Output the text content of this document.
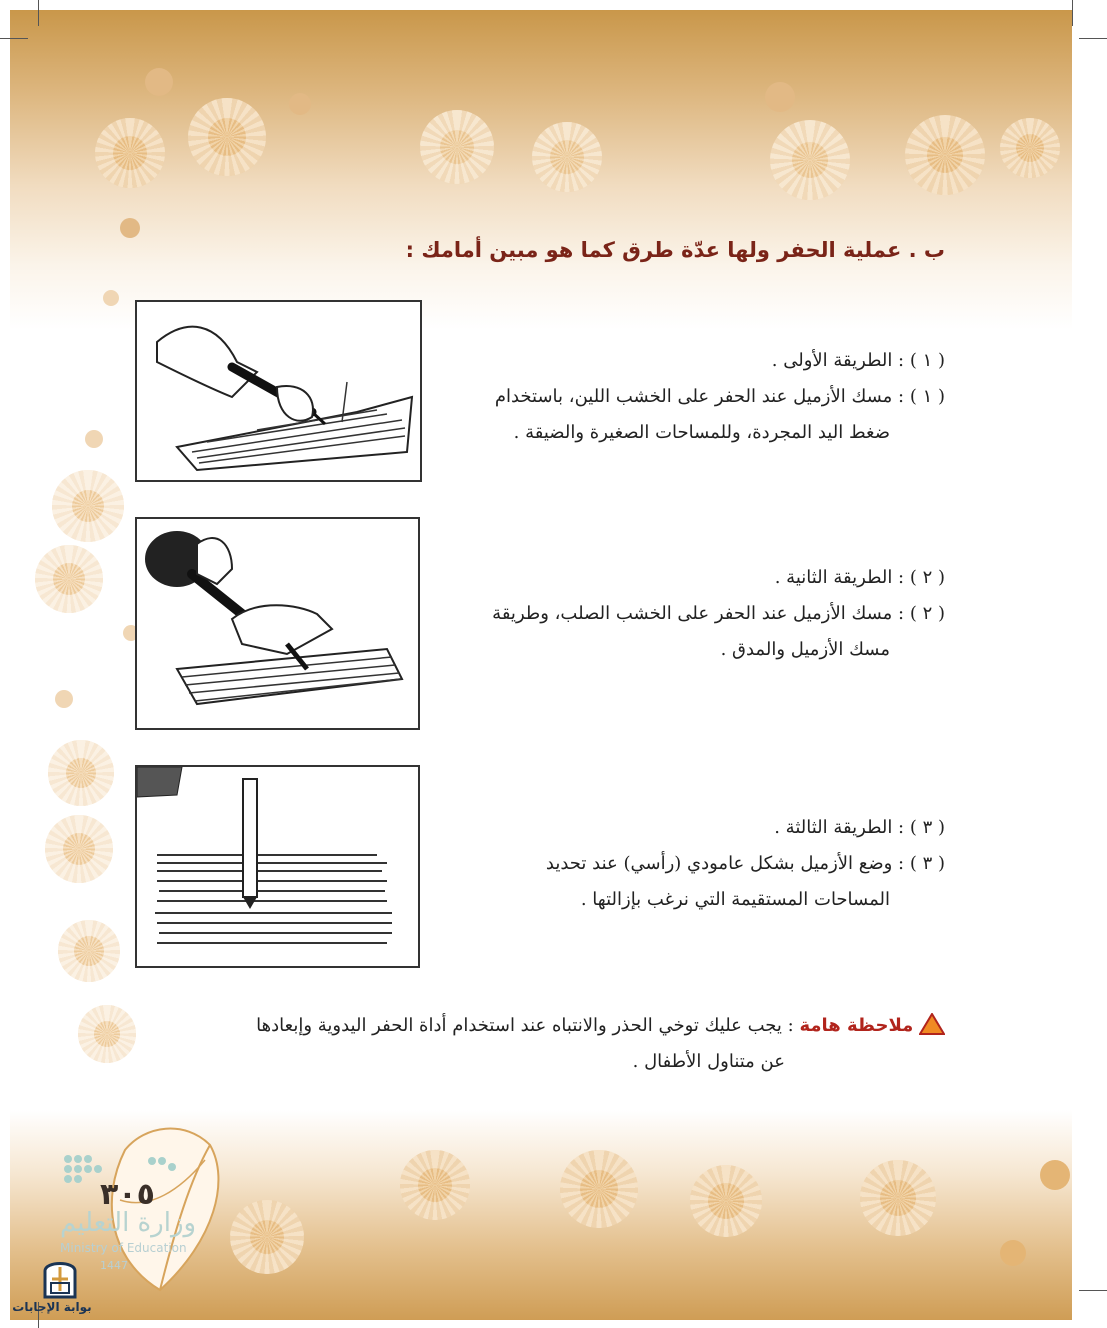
ب . عملية الحفر ولها عدّة طرق كما هو مبين أمامك :

( ١ ) : الطريقة الأولى .

( ١ ) : مسك الأزميل عند الحفر على الخشب اللين، باستخدام

ضغط اليد المجردة، وللمساحات الصغيرة والضيقة .

( ٢ ) : الطريقة الثانية .

( ٢ ) : مسك الأزميل عند الحفر على الخشب الصلب، وطريقة

مسك الأزميل والمدق .

( ٣ ) : الطريقة الثالثة .

( ٣ ) : وضع الأزميل بشكل عامودي (رأسي) عند تحديد

المساحات المستقيمة التي نرغب بإزالتها .

ملاحظة هامة : يجب عليك توخي الحذر والانتباه عند استخدام أداة الحفر اليدوية وإبعادها
عن متناول الأطفال .
٣٠٥
وزارة التعليم
Ministry of Education
1447
بوابة الإجابات
